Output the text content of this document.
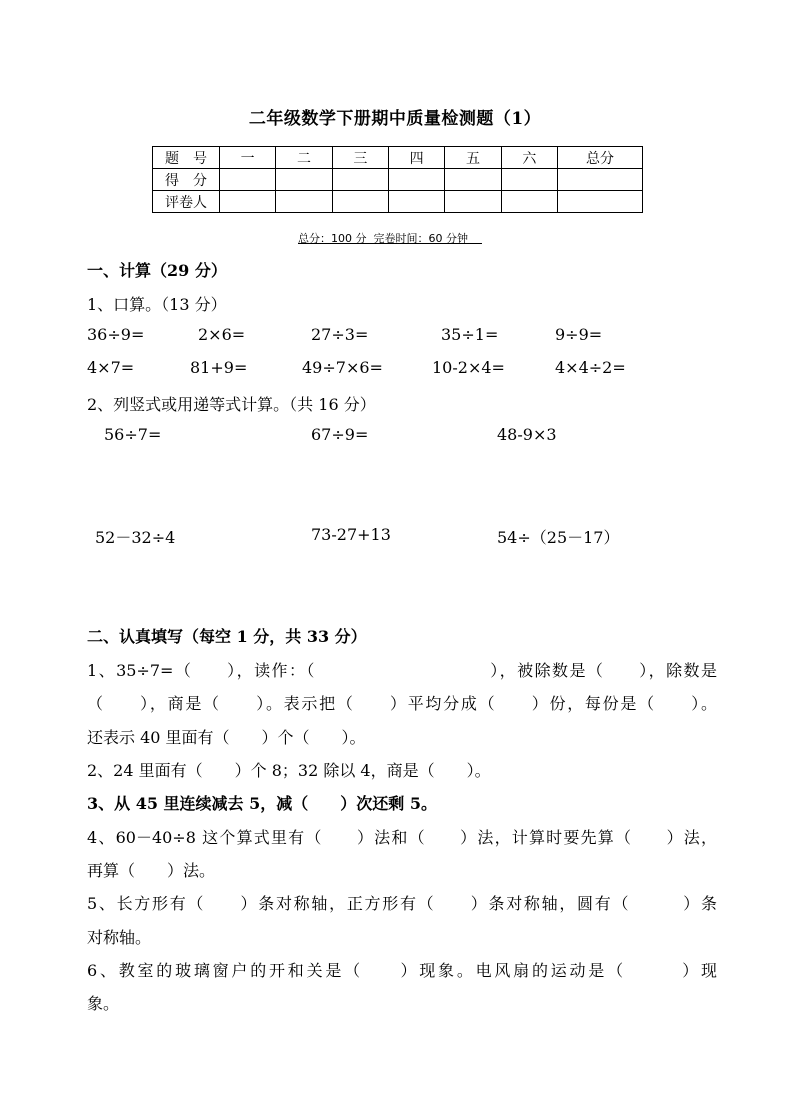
二年级数学下册期中质量检测题（1）
题　号	一	二	三	四	五	六	总分
得　分							
评卷人							
总分：100 分  完卷时间：60 分钟
一、计算（29 分）
1、口算。（13 分）
36÷9=	2×6=	27÷3=	35÷1=	9÷9=
4×7=	81+9=	49÷7×6=	10-2×4=	4×4÷2=
2、列竖式或用递等式计算。（共 16 分）
56÷7=	67÷9=	48-9×3
52－32÷4	73-27+13	54÷（25－17）
二、认真填写（每空 1 分，共 33 分）
1、35÷7=（　　），读作：（　　　　　　　　　　），被除数是（　　），除数是
（　　），商是（　　）。表示把（　　）平均分成（　　）份，每份是（　　）。
还表示 40 里面有（　　）个（　　）。
2、24 里面有（　　）个 8；32 除以 4，商是（　　）。
3、从 45 里连续减去 5，减（　　）次还剩 5。
4、60－40÷8 这个算式里有（　　）法和（　　）法，计算时要先算（　　）法，
再算（　　）法。
5、长方形有（　　）条对称轴，正方形有（　　）条对称轴，圆有（　　　）条
对称轴。
6、教室的玻璃窗户的开和关是（　　）现象。电风扇的运动是（　　　）现
象。
